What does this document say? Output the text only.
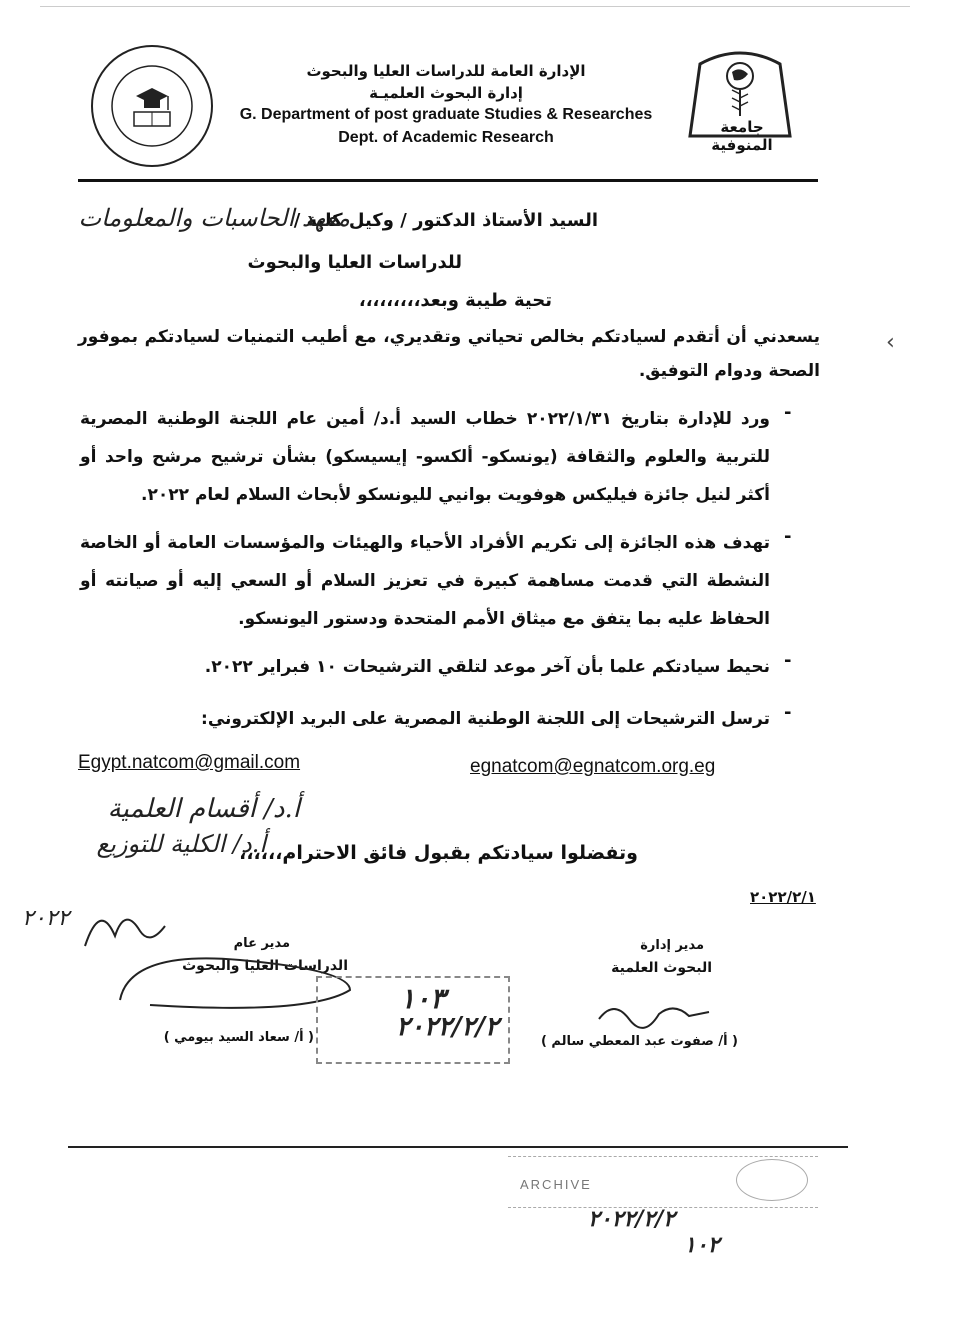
جامعة المنوفية
الإدارة العامة للدراسات العليا والبحوث
إدارة البحوث العلميـة
G. Department of post graduate Studies & Researches
Dept. of Academic Research
السيد الأستاذ الدكتور / وكيل كلية /
معهد الحاسبات والمعلومات
للدراسات العليا والبحوث
تحية طيبة وبعد،،،،،،،،،
يسعدني أن أتقدم لسيادتكم بخالص تحياتي وتقديري، مع أطيب التمنيات لسيادتكم بموفور الصحة ودوام التوفيق.
‹
ورد للإدارة بتاريخ ٢٠٢٢/١/٣١ خطاب السيد أ.د/ أمين عام اللجنة الوطنية المصرية للتربية والعلوم والثقافة (يونسكو- ألكسو- إيسيسكو) بشأن ترشيح مرشح واحد أو أكثر لنيل جائزة فيليكس هوفويت بوانيي لليونسكو لأبحاث السلام لعام ٢٠٢٢.
-
تهدف هذه الجائزة إلى تكريم الأفراد الأحياء والهيئات والمؤسسات العامة أو الخاصة النشطة التي قدمت مساهمة كبيرة في تعزيز السلام أو السعي إليه أو صيانته أو الحفاظ عليه بما يتفق مع ميثاق الأمم المتحدة ودستور اليونسكو.
-
نحيط سيادتكم علما بأن آخر موعد لتلقي الترشيحات ١٠ فبراير ٢٠٢٢. -
ترسل الترشيحات إلى اللجنة الوطنية المصرية على البريد الإلكتروني: -
Egypt.natcom@gmail.com	egnatcom@egnatcom.org.eg
أ.د/ أقسام العلمية
أ.د/ الكلية للتوزيع
وتفضلوا سيادتكم بقبول فائق الاحترام،،،،،،
٢٠٢٢/٢/١
٢٠٢٢
مدير عام
الدراسات العليا والبحوث
( أ/ سعاد السيد بيومي )
١٠٣
٢٠٢٢/٢/٢
مدير إدارة
البحوث العلمية
( أ/ صفوت عبد المعطي سالم )
ARCHIVE
٢٠٢٢/٢/٢
١٠٢
